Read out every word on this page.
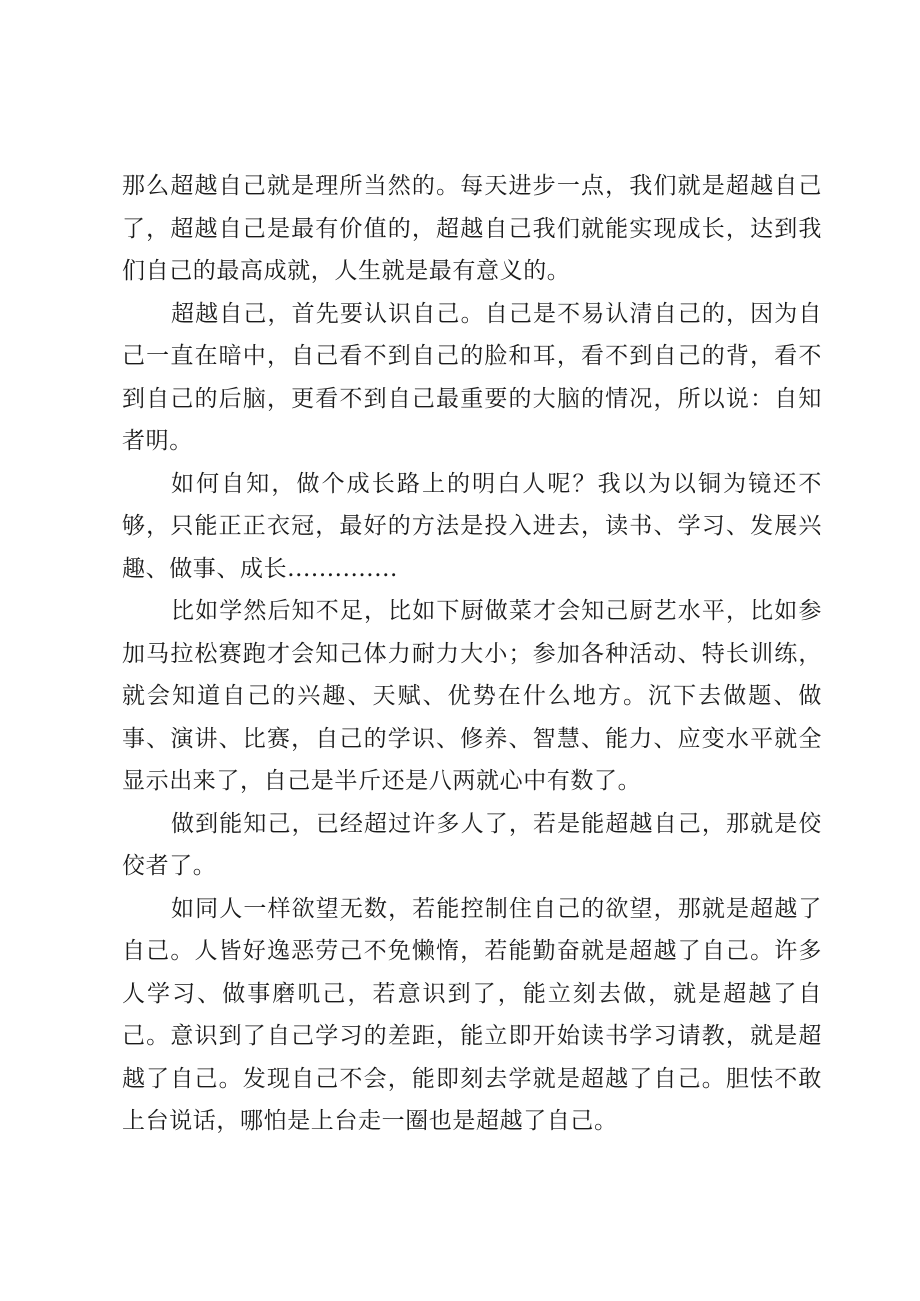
那么超越自己就是理所当然的。每天进步一点，我们就是超越自己了，超越自己是最有价值的，超越自己我们就能实现成长，达到我们自己的最高成就，人生就是最有意义的。

超越自己，首先要认识自己。自己是不易认清自己的，因为自己一直在暗中，自己看不到自己的脸和耳，看不到自己的背，看不到自己的后脑，更看不到自己最重要的大脑的情况，所以说：自知者明。

如何自知，做个成长路上的明白人呢？我以为以铜为镜还不够，只能正正衣冠，最好的方法是投入进去，读书、学习、发展兴趣、做事、成长..............

比如学然后知不足，比如下厨做菜才会知己厨艺水平，比如参加马拉松赛跑才会知己体力耐力大小；参加各种活动、特长训练，就会知道自己的兴趣、天赋、优势在什么地方。沉下去做题、做事、演讲、比赛，自己的学识、修养、智慧、能力、应变水平就全显示出来了，自己是半斤还是八两就心中有数了。

做到能知己，已经超过许多人了，若是能超越自己，那就是佼佼者了。

如同人一样欲望无数，若能控制住自己的欲望，那就是超越了自己。人皆好逸恶劳己不免懒惰，若能勤奋就是超越了自己。许多人学习、做事磨叽己，若意识到了，能立刻去做，就是超越了自己。意识到了自己学习的差距，能立即开始读书学习请教，就是超越了自己。发现自己不会，能即刻去学就是超越了自己。胆怯不敢上台说话，哪怕是上台走一圈也是超越了自己。
